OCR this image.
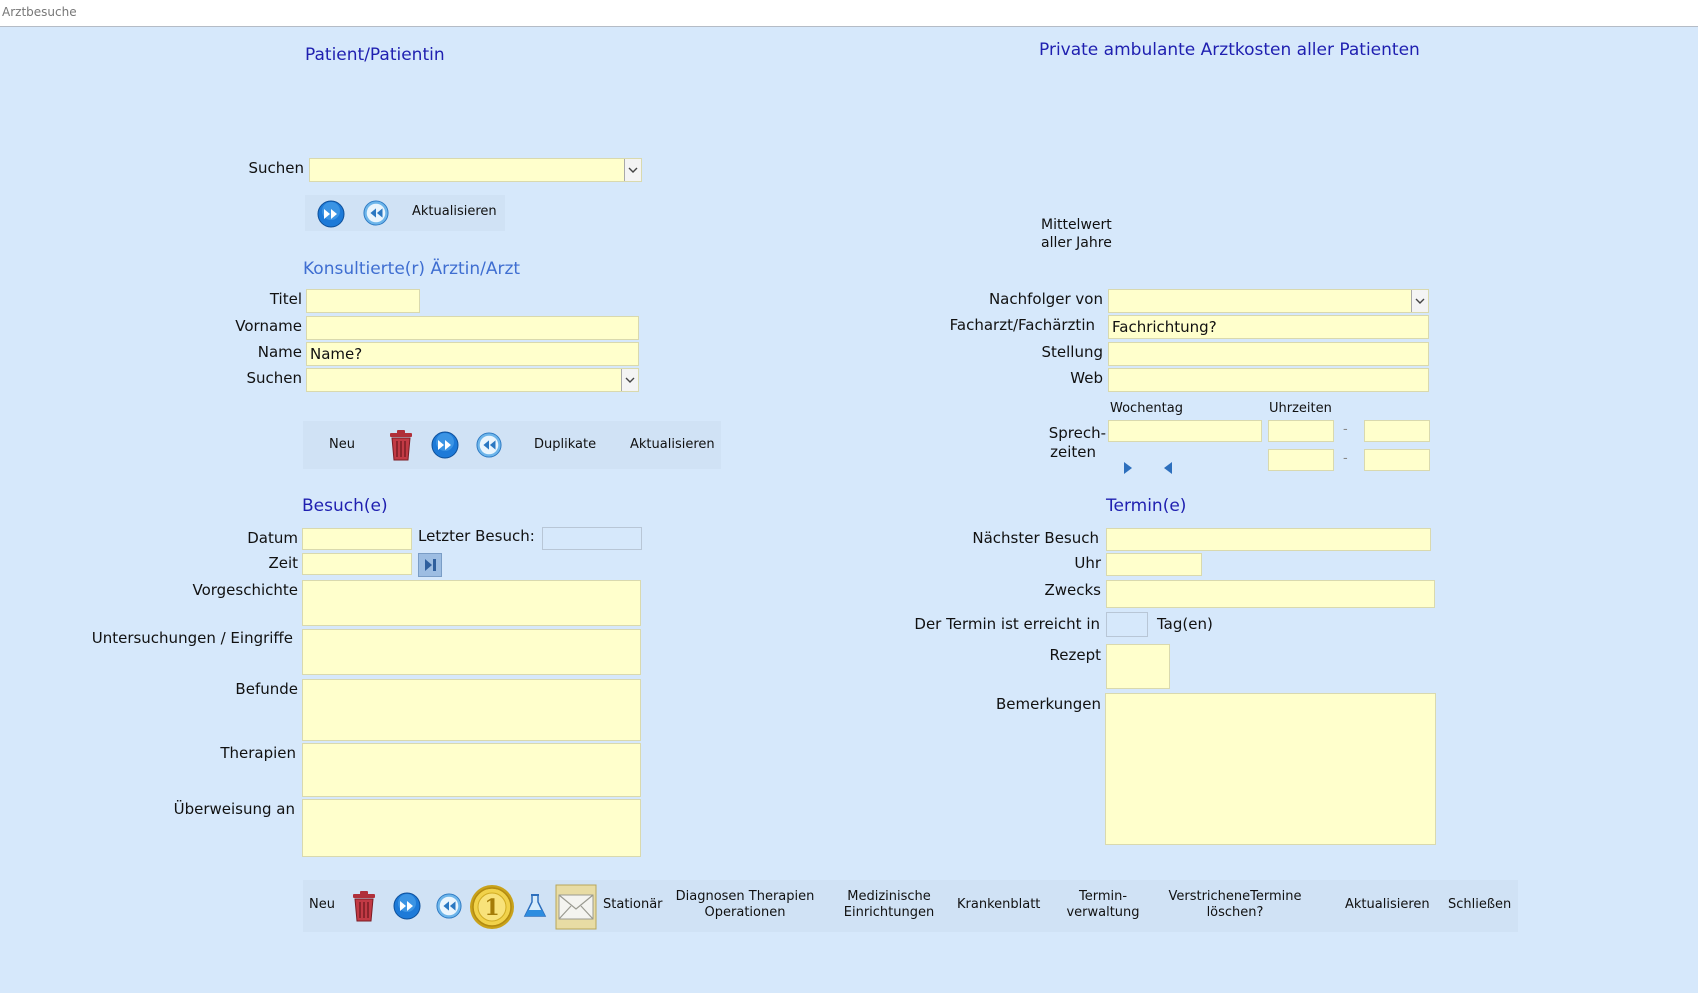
Arztbesuche
Patient/Patientin
Suchen
Aktualisieren
Private ambulante Arztkosten aller Patienten
Mittelwert
aller Jahre
Konsultierte(r) Ärztin/Arzt
Titel
Vorname
Name Name?
Suchen
Neu	Duplikate	Aktualisieren
Nachfolger von
Facharzt/Fachärztin Fachrichtung?
Stellung
Web
Wochentag	Uhrzeiten
Sprech-
zeiten
-
-
Besuch(e)
Datum	Letzter Besuch:
Zeit
Vorgeschichte
Untersuchungen / Eingriffe
Befunde
Therapien
Überweisung an
Termin(e)
Nächster Besuch
Uhr
Zwecks
Der Termin ist erreicht in	Tag(en)
Rezept
Bemerkungen
Neu	1	Stationär
Diagnosen Therapien
Operationen
Medizinische
Einrichtungen
Krankenblatt
Termin-
verwaltung
VerstricheneTermine
löschen?
Aktualisieren Schließen
